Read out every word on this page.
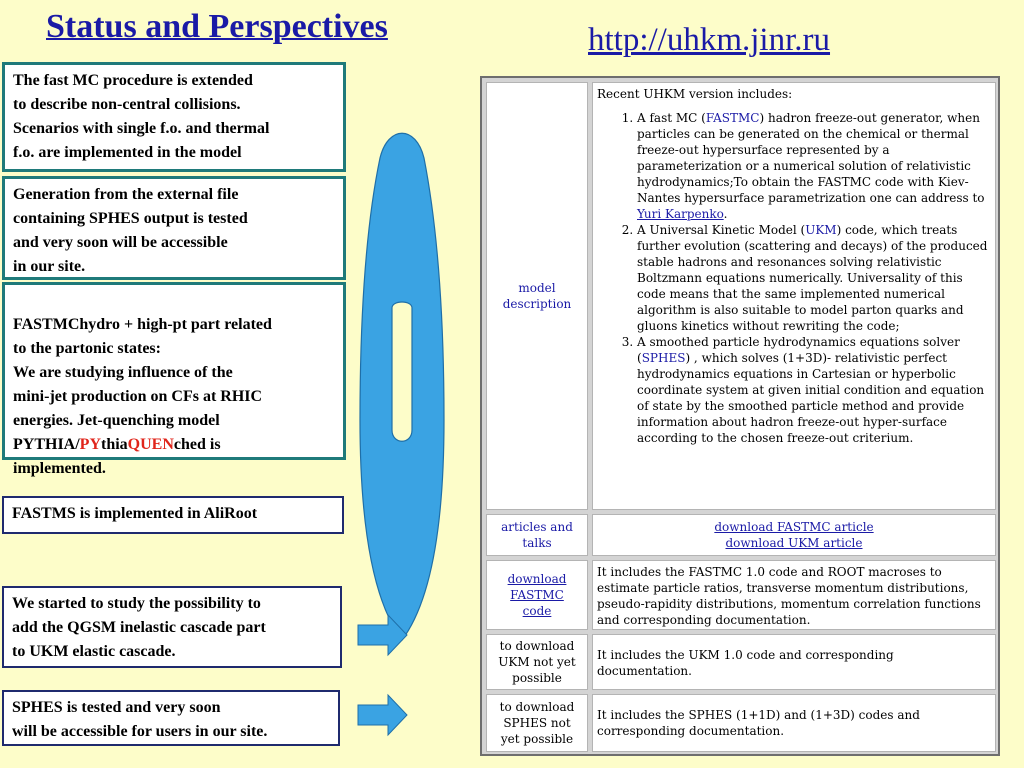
Status and Perspectives	http://uhkm.jinr.ru
The fast MC procedure is extended
to describe non-central collisions.
Scenarios with single f.o. and thermal
f.o. are implemented in the model
Generation from the external file
containing SPHES output is tested
and very soon will be accessible
in our site.

FASTMChydro + high-pt part related
to the partonic states:
We are studying influence of the
mini-jet production on CFs at RHIC
energies. Jet-quenching model
PYTHIA/PYthiaQUENched is
implemented.

FASTMS is implemented in AliRoot
We started to study the possibility to
add the QGSM inelastic cascade part
to UKM elastic cascade.
SPHES is tested and very soon
will be accessible for users in our site.
model
description
Recent UHKM version includes:
1. A fast MC (FASTMC) hadron freeze-out generator, when particles can be generated on the chemical or thermal freeze-out hypersurface represented by a parameterization or a numerical solution of relativistic hydrodynamics;To obtain the FASTMC code with Kiev-Nantes hypersurface parametrization one can address to Yuri Karpenko.
2. A Universal Kinetic Model (UKM) code, which treats further evolution (scattering and decays) of the produced stable hadrons and resonances solving relativistic Boltzmann equations numerically. Universality of this code means that the same implemented numerical algorithm is also suitable to model parton quarks and gluons kinetics without rewriting the code;
3. A smoothed particle hydrodynamics equations solver (SPHES) , which solves (1+3D)- relativistic perfect hydrodynamics equations in Cartesian or hyperbolic coordinate system at given initial condition and equation of state by the smoothed particle method and provide information about hadron freeze-out hyper-surface according to the chosen freeze-out criterium.
articles and
talks
download FASTMC article
download UKM article
download
FASTMC
code
It includes the FASTMC 1.0 code and ROOT macroses to estimate particle ratios, transverse momentum distributions, pseudo-rapidity distributions, momentum correlation functions and corresponding documentation.
to download
UKM not yet
possible
It includes the UKM 1.0 code and corresponding documentation.
to download
SPHES not
yet possible
It includes the SPHES (1+1D) and (1+3D) codes and corresponding documentation.
